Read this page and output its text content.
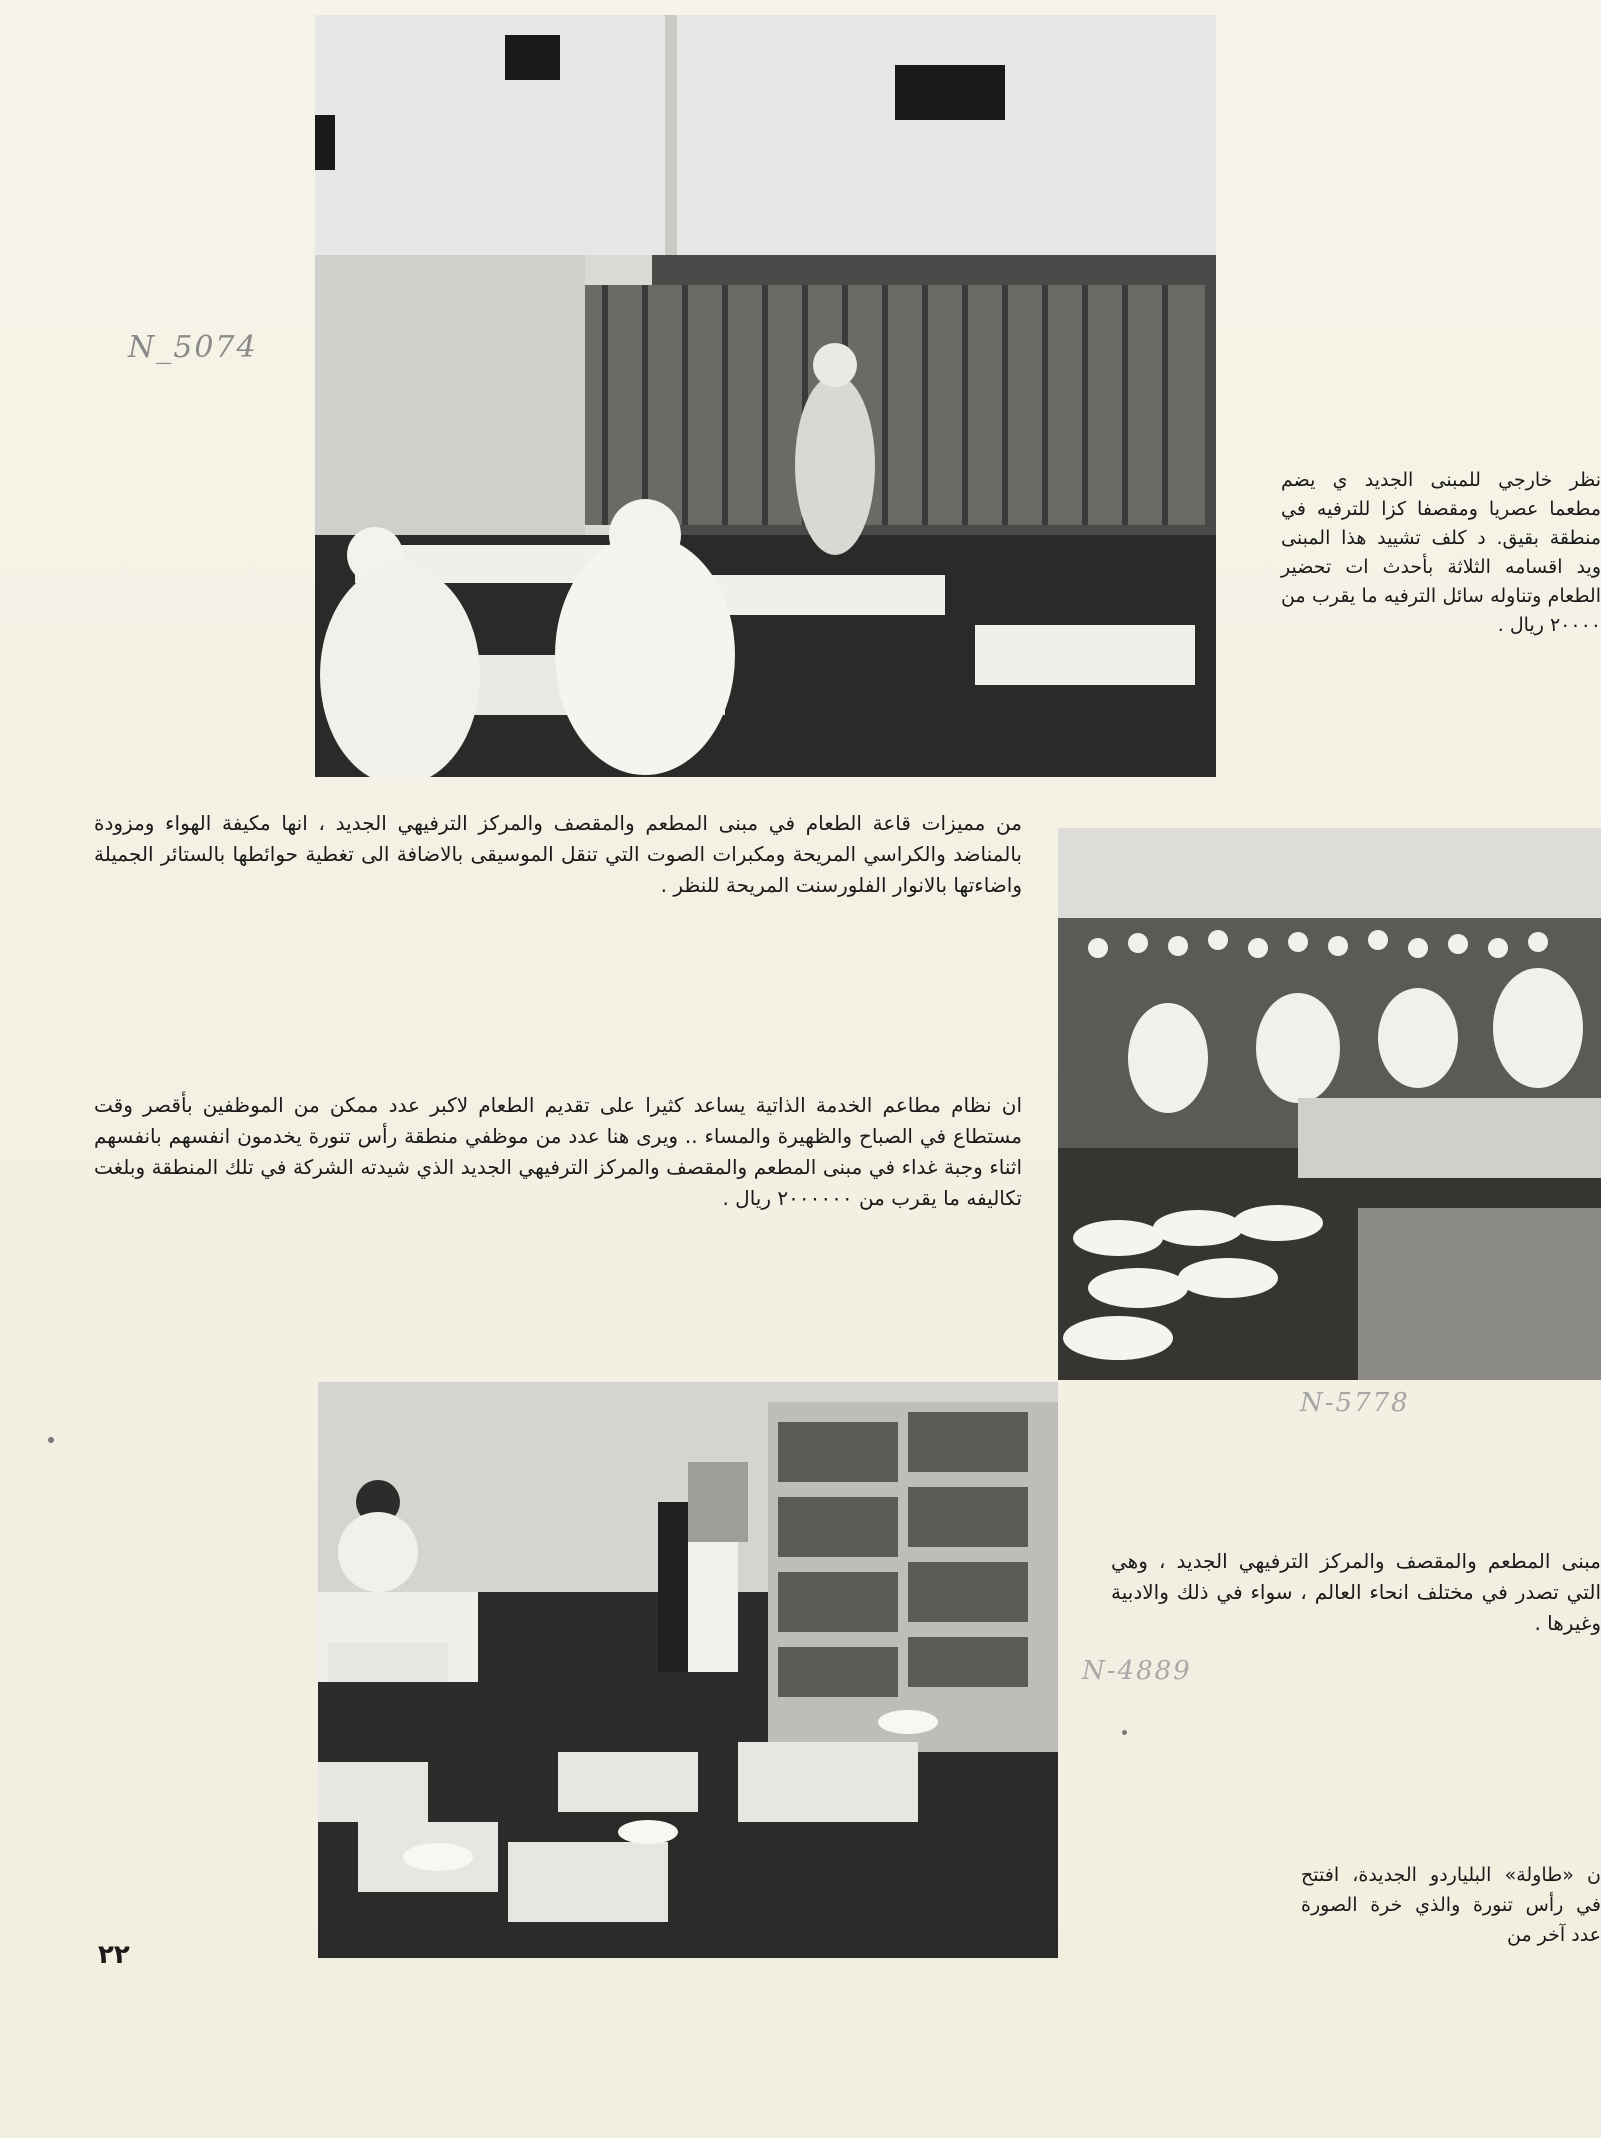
N_5074

نظر خارجي للمبنى الجديد ي يضم مطعما عصريا ومقصفا كزا للترفيه في منطقة بقيق. د كلف تشييد هذا المبنى ويد اقسامه الثلاثة بأحدث ات تحضير الطعام وتناوله سائل الترفيه ما يقرب من ٢٠٠٠٠ ريال .

من مميزات قاعة الطعام في مبنى المطعم والمقصف والمركز الترفيهي الجديد ، انها مكيفة الهواء ومزودة بالمناضد والكراسي المريحة ومكبرات الصوت التي تنقل الموسيقى بالاضافة الى تغطية حوائطها بالستائر الجميلة واضاءتها بالانوار الفلورسنت المريحة للنظر .

ان نظام مطاعم الخدمة الذاتية يساعد كثيرا على تقديم الطعام لاكبر عدد ممكن من الموظفين بأقصر وقت مستطاع في الصباح والظهيرة والمساء .. ويرى هنا عدد من موظفي منطقة رأس تنورة يخدمون انفسهم بانفسهم اثناء وجبة غداء في مبنى المطعم والمقصف والمركز الترفيهي الجديد الذي شيدته الشركة في تلك المنطقة وبلغت تكاليفه ما يقرب من ٢٠٠٠٠٠٠ ريال .

N-5778

مبنى المطعم والمقصف والمركز الترفيهي الجديد ، وهي التي تصدر في مختلف انحاء العالم ، سواء في ذلك والادبية وغيرها .

N-4889

ن «طاولة» البلياردو الجديدة، افتتح في رأس تنورة والذي خرة الصورة عدد آخر من

٢٢
